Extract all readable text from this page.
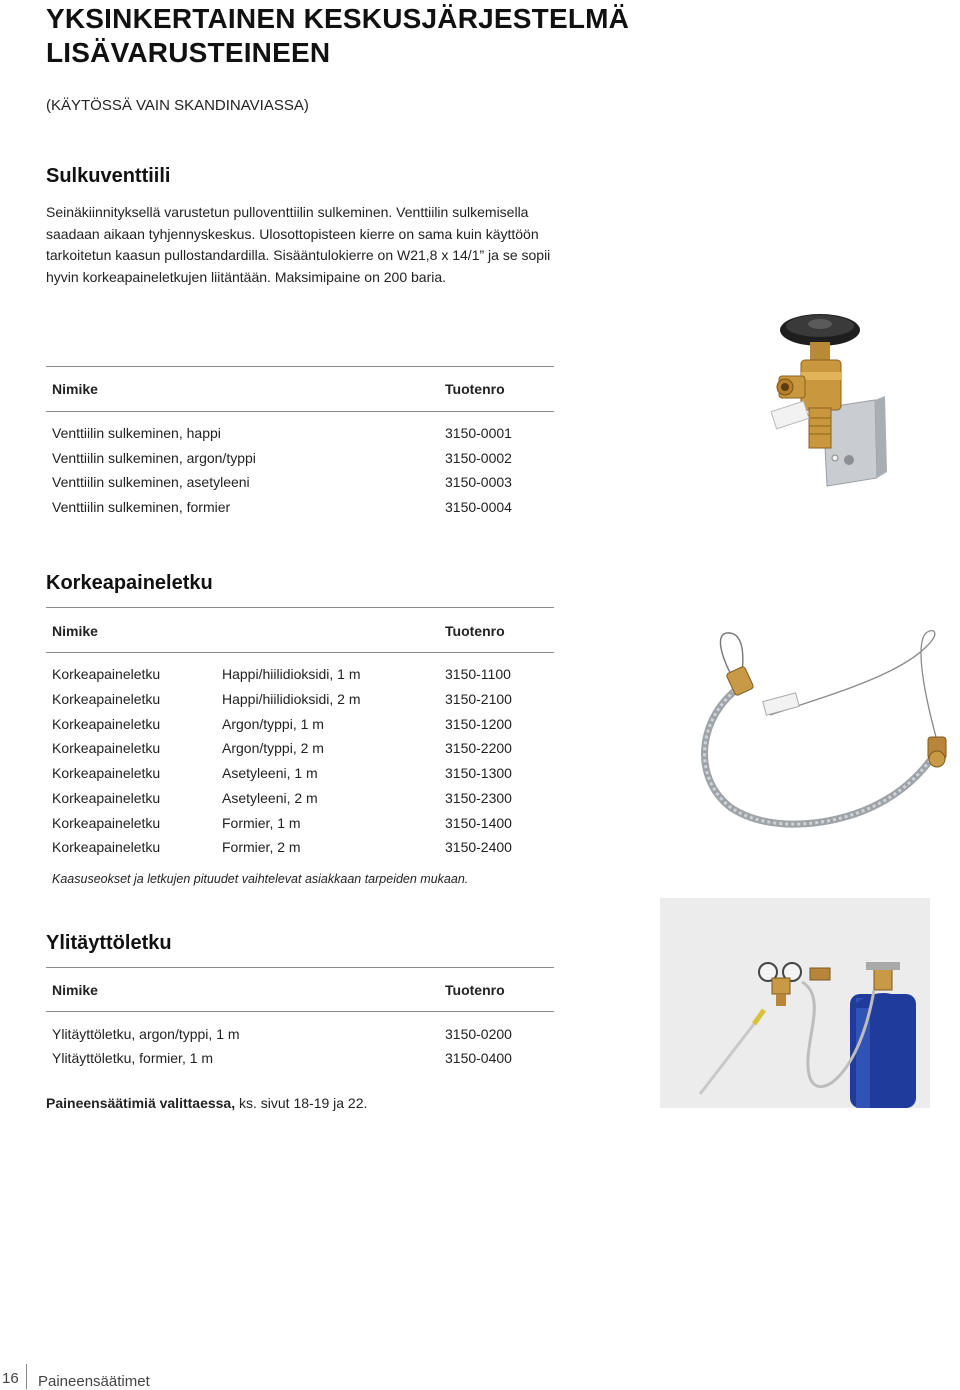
YKSINKERTAINEN KESKUSJÄRJESTELMÄ
LISÄVARUSTEINEEN
(KÄYTÖSSÄ VAIN SKANDINAVIASSA)
Sulkuventtiili
Seinäkiinnityksellä varustetun pulloventtiilin sulkeminen. Venttiilin sulkemisella
saadaan aikaan tyhjennyskeskus. Ulosottopisteen kierre on sama kuin käyttöön
tarkoitetun kaasun pullostandardilla. Sisääntulokierre on W21,8 x 14/1” ja se sopii
hyvin korkeapaineletkujen liitäntään. Maksimipaine on 200 baria.
Nimike	Tuotenro
Venttiilin sulkeminen, happi	3150-0001
Venttiilin sulkeminen, argon/typpi	3150-0002
Venttiilin sulkeminen, asetyleeni	3150-0003
Venttiilin sulkeminen, formier	3150-0004
Korkeapaineletku
Nimike	Tuotenro
Korkeapaineletku	Happi/hiilidioksidi, 1 m	3150-1100
Korkeapaineletku	Happi/hiilidioksidi, 2 m	3150-2100
Korkeapaineletku	Argon/typpi, 1 m	3150-1200
Korkeapaineletku	Argon/typpi, 2 m	3150-2200
Korkeapaineletku	Asetyleeni, 1 m	3150-1300
Korkeapaineletku	Asetyleeni, 2 m	3150-2300
Korkeapaineletku	Formier, 1 m	3150-1400
Korkeapaineletku	Formier, 2 m	3150-2400
Kaasuseokset ja letkujen pituudet vaihtelevat asiakkaan tarpeiden mukaan.
Ylitäyttöletku
Nimike	Tuotenro
Ylitäyttöletku, argon/typpi, 1 m	3150-0200
Ylitäyttöletku, formier, 1 m	3150-0400
Paineensäätimiä valittaessa, ks. sivut 18-19 ja 22.
16 Paineensäätimet
